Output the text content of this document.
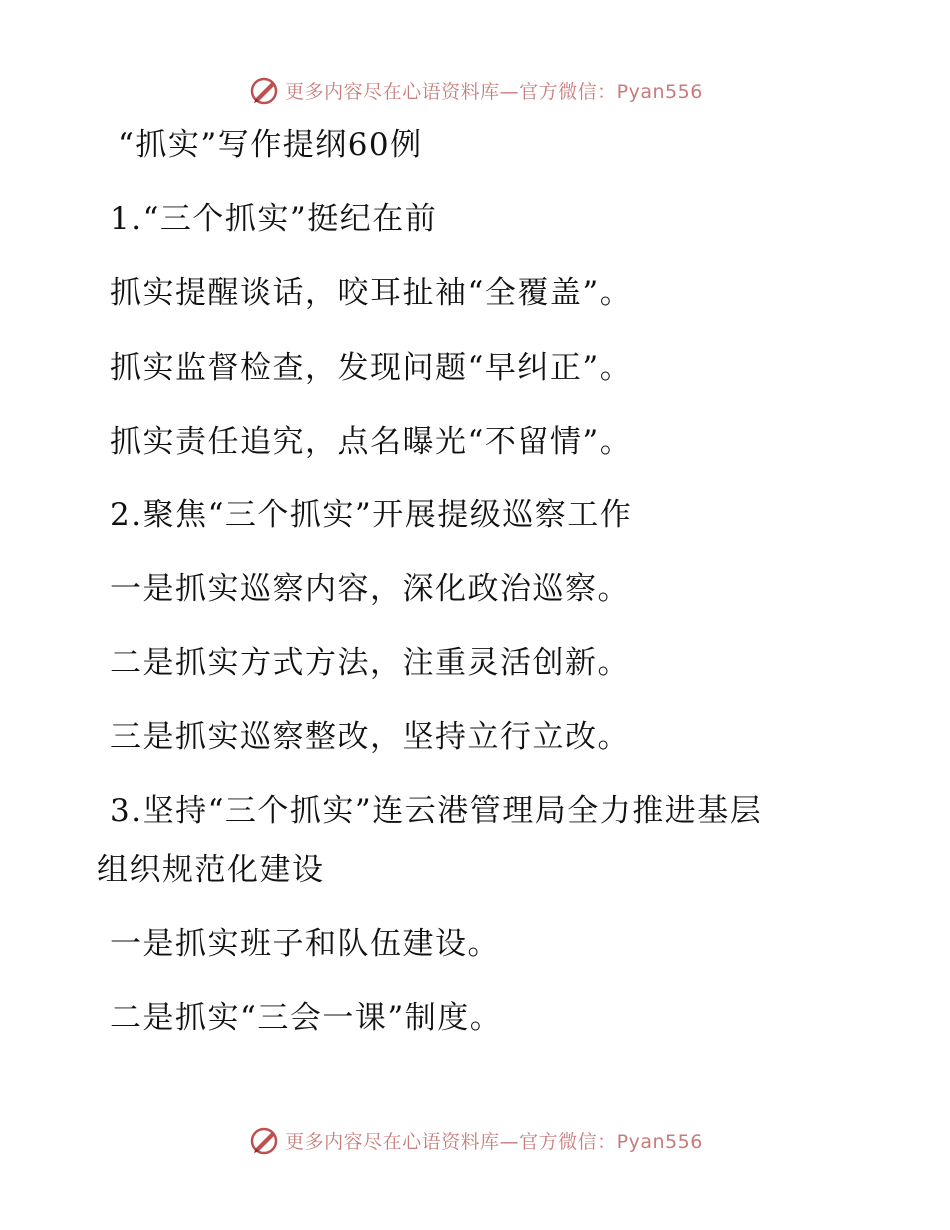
更多内容尽在心语资料库—官方微信：Pyan556
“抓实”写作提纲60例
1.“三个抓实”挺纪在前
抓实提醒谈话，咬耳扯袖“全覆盖”。
抓实监督检查，发现问题“早纠正”。
抓实责任追究，点名曝光“不留情”。
2.聚焦“三个抓实”开展提级巡察工作
一是抓实巡察内容，深化政治巡察。
二是抓实方式方法，注重灵活创新。
三是抓实巡察整改，坚持立行立改。
3.坚持“三个抓实”连云港管理局全力推进基层
组织规范化建设
一是抓实班子和队伍建设。
二是抓实“三会一课”制度。
更多内容尽在心语资料库—官方微信：Pyan556
